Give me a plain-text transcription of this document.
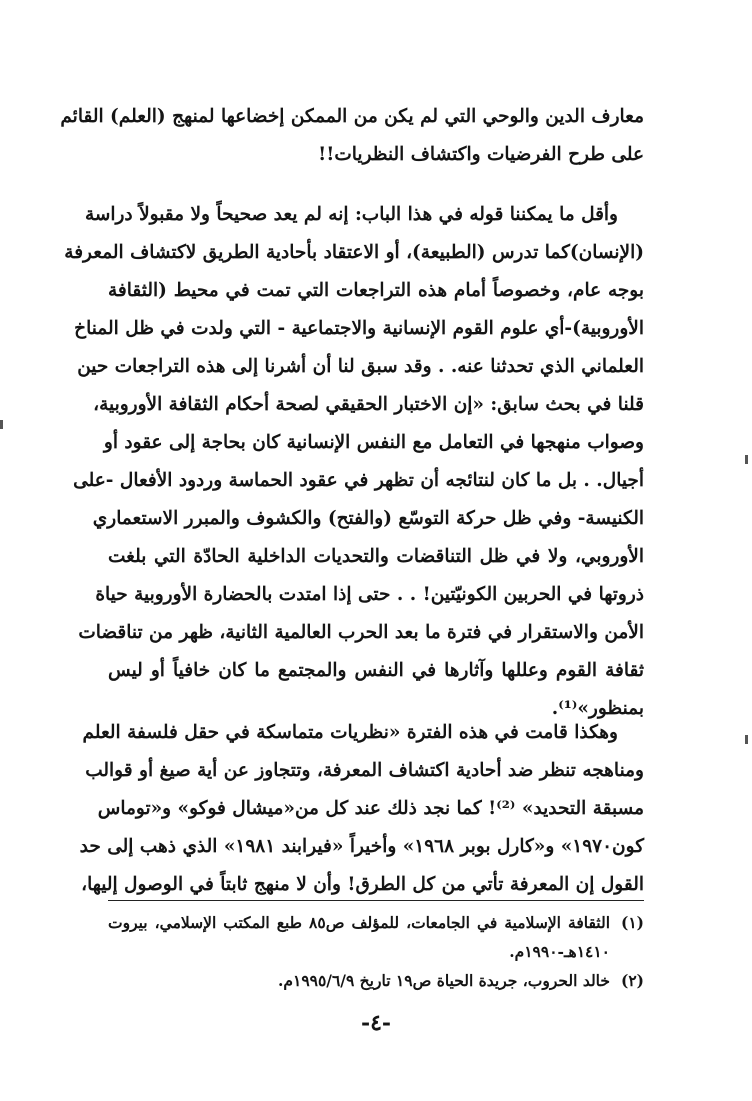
معارف الدين والوحي التي لم يكن من الممكن إخضاعها لمنهج (العلم) القائم
على طرح الفرضيات واكتشاف النظريات!!
وأقل ما يمكننا قوله في هذا الباب: إنه لم يعد صحيحاً ولا مقبولاً دراسة
(الإنسان)كما تدرس (الطبيعة)، أو الاعتقاد بأحادية الطريق لاكتشاف المعرفة
بوجه عام، وخصوصاً أمام هذه التراجعات التي تمت في محيط (الثقافة
الأوروبية)-أي علوم القوم الإنسانية والاجتماعية - التي ولدت في ظل المناخ
العلماني الذي تحدثنا عنه. . وقد سبق لنا أن أشرنا إلى هذه التراجعات حين
قلنا في بحث سابق: «إن الاختبار الحقيقي لصحة أحكام الثقافة الأوروبية،
وصواب منهجها في التعامل مع النفس الإنسانية كان بحاجة إلى عقود أو
أجيال. . بل ما كان لنتائجه أن تظهر في عقود الحماسة وردود الأفعال -على
الكنيسة- وفي ظل حركة التوسّع (والفتح) والكشوف والمبرر الاستعماري
الأوروبي، ولا في ظل التناقضات والتحديات الداخلية الحادّة التي بلغت
ذروتها في الحربين الكونيّتين! . . حتى إذا امتدت بالحضارة الأوروبية حياة
الأمن والاستقرار في فترة ما بعد الحرب العالمية الثانية، ظهر من تناقضات
ثقافة القوم وعللها وآثارها في النفس والمجتمع ما كان خافياً أو ليس
بمنظور»⁽¹⁾.
وهكذا قامت في هذه الفترة «نظريات متماسكة في حقل فلسفة العلم
ومناهجه تنظر ضد أحادية اكتشاف المعرفة، وتتجاوز عن أية صيغ أو قوالب
مسبقة التحديد» ⁽²⁾! كما نجد ذلك عند كل من«ميشال فوكو» و«توماس
كون١٩٧٠» و«كارل بوبر ١٩٦٨» وأخيراً «فيرابند ١٩٨١» الذي ذهب إلى حد
القول إن المعرفة تأتي من كل الطرق! وأن لا منهج ثابتاً في الوصول إليها،
(١)
الثقافة الإسلامية في الجامعات، للمؤلف ص٨٥ طبع المكتب الإسلامي، بيروت
١٤١٠هـ-١٩٩٠م.
(٢)
خالد الحروب، جريدة الحياة ص١٩ تاريخ ١٩٩٥/٦/٩م.
-٤-
